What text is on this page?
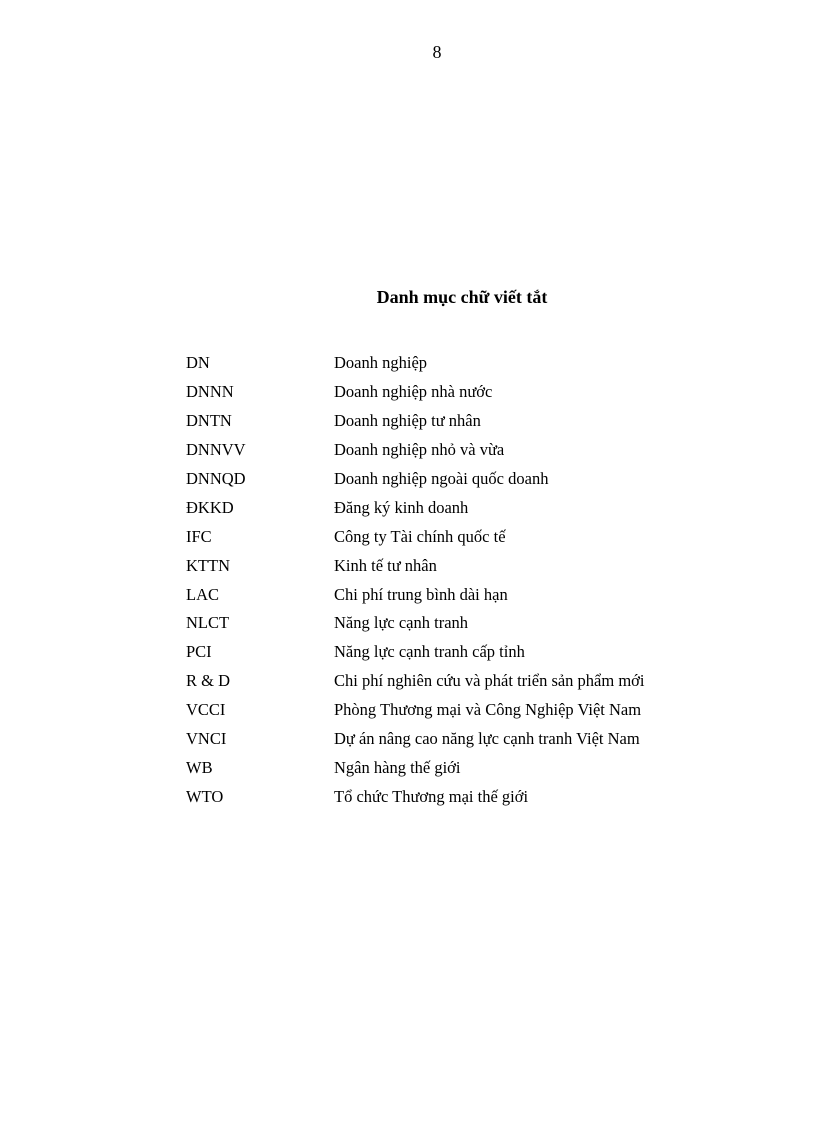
8
Danh mục chữ viết tắt
DN	Doanh nghiệp
DNNN	Doanh nghiệp nhà nước
DNTN	Doanh nghiệp tư nhân
DNNVV	Doanh nghiệp nhỏ và vừa
DNNQD	Doanh nghiệp ngoài quốc doanh
ĐKKD	Đăng ký kinh doanh
IFC	Công ty Tài chính quốc tế
KTTN	Kinh tế tư nhân
LAC	Chi phí trung bình dài hạn
NLCT	Năng lực cạnh tranh
PCI	Năng lực cạnh tranh cấp tỉnh
R & D	Chi phí nghiên cứu và phát triển sản phẩm mới
VCCI	Phòng Thương mại và Công Nghiệp Việt Nam
VNCI	Dự án nâng cao năng lực cạnh tranh Việt Nam
WB	Ngân hàng thế giới
WTO	Tổ chức Thương mại thế giới
